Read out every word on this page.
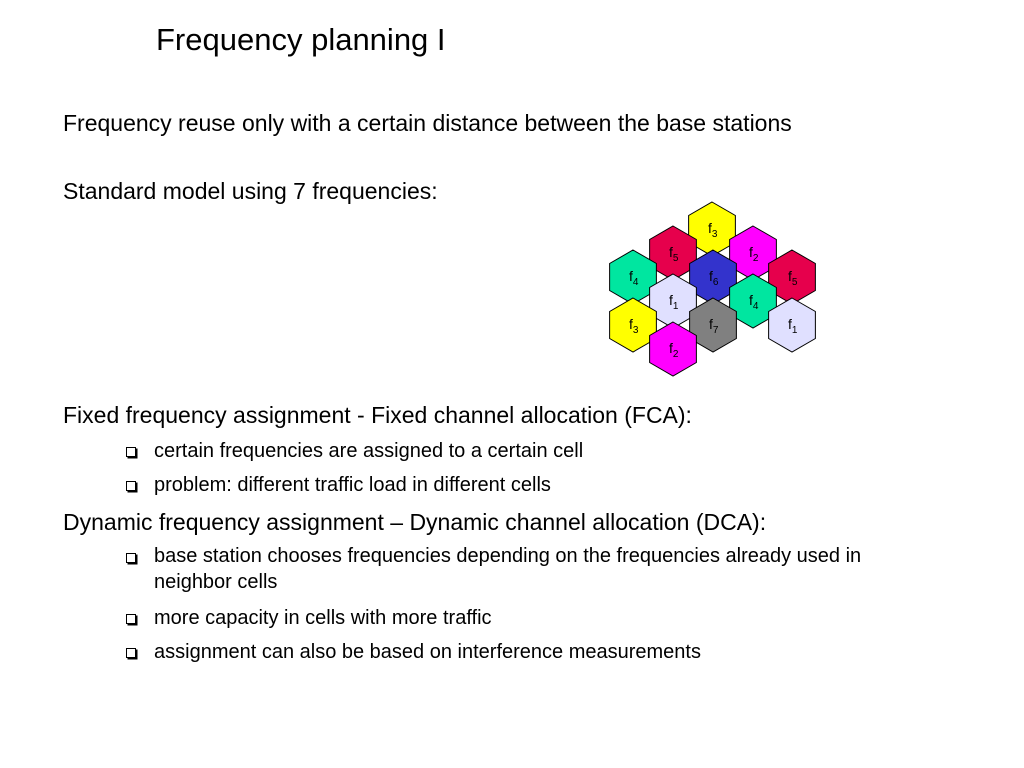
Frequency planning I
Frequency reuse only with a certain distance between the base stations
Standard model using 7 frequencies:
$f_3$
$f_5$	$f_2$
$f_4$	$f_6$	$f_5$
$f_1$	$f_4$
$f_3$	$f_7$	$f_1$
$f_2$
Fixed frequency assignment - Fixed channel allocation (FCA):
certain frequencies are assigned to a certain cell
problem: different traffic load in different cells
Dynamic frequency assignment – Dynamic channel allocation (DCA):
base station chooses frequencies depending on the frequencies already used in neighbor cells
more capacity in cells with more traffic
assignment can also be based on interference measurements
